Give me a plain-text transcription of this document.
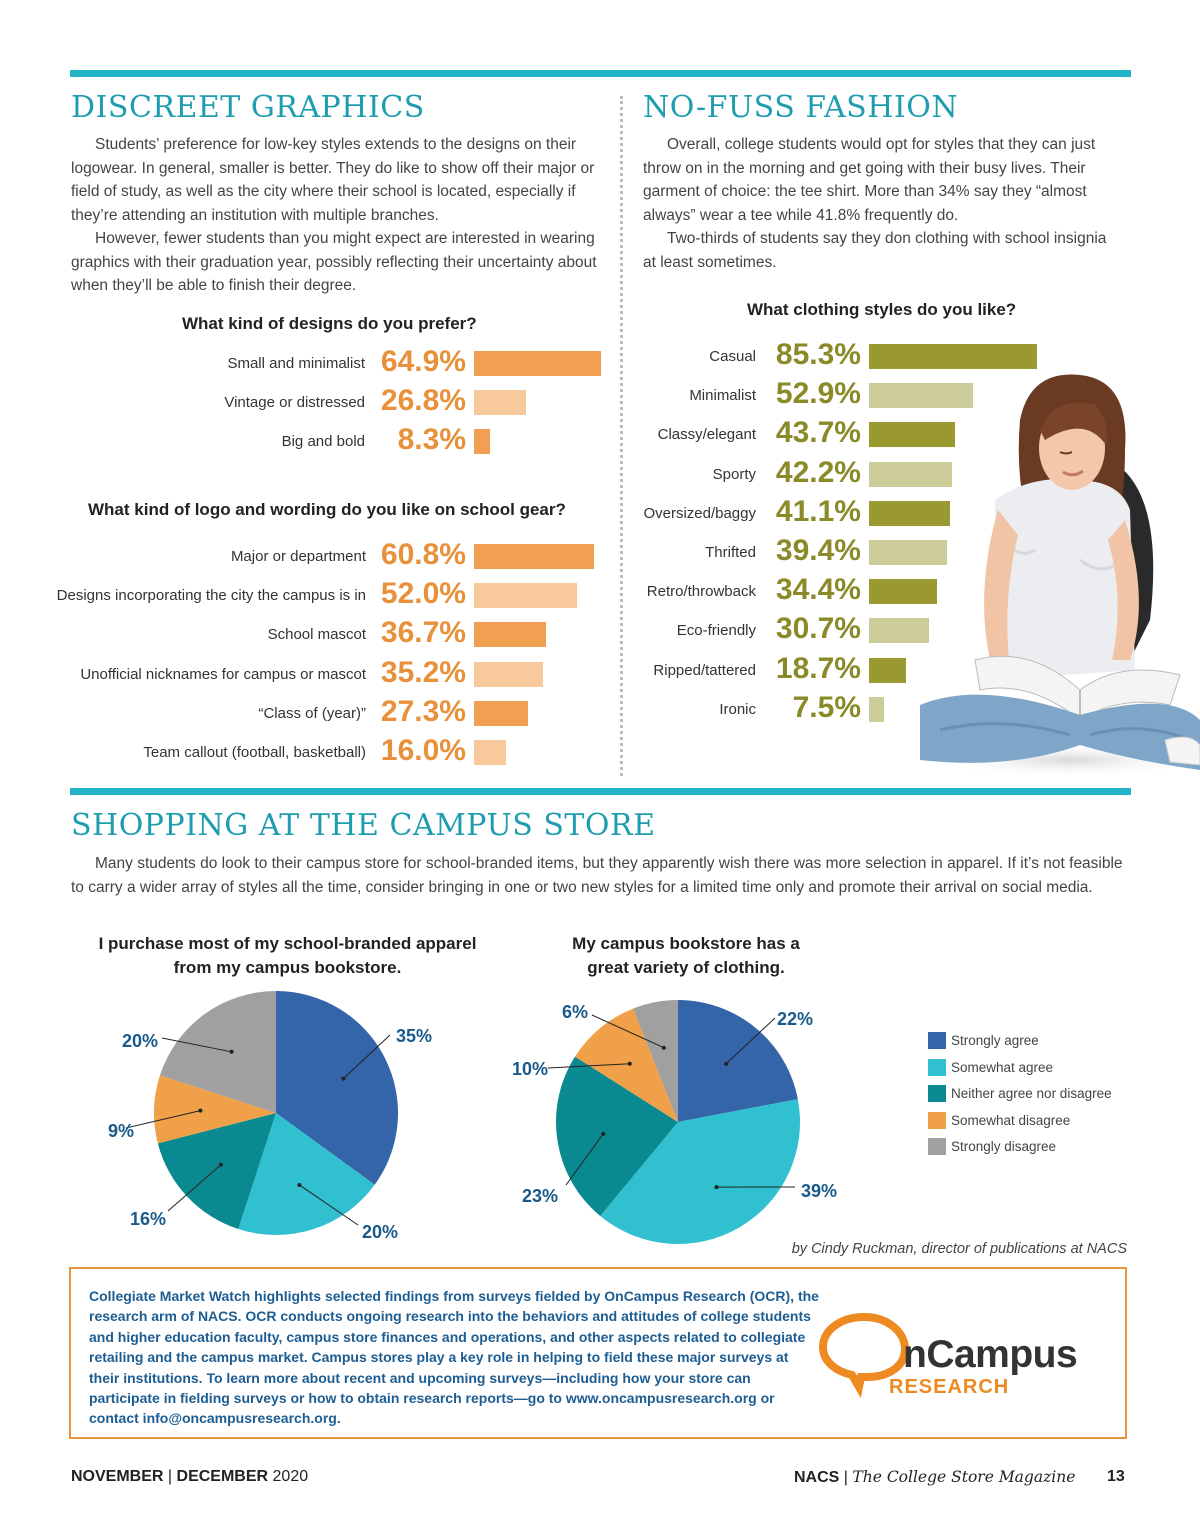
DISCREET GRAPHICS

Students’ preference for low-key styles extends to the designs on their logowear. In general, smaller is better. They do like to show off their major or field of study, as well as the city where their school is located, especially if they’re attending an institution with multiple branches.

However, fewer students than you might expect are interested in wearing graphics with their graduation year, possibly reflecting their uncertainty about when they’ll be able to finish their degree.

What kind of designs do you prefer?
Small and minimalist 64.9%
Vintage or distressed 26.8%
Big and bold 8.3%
What kind of logo and wording do you like on school gear?
Major or department 60.8%
Designs incorporating the city the campus is in 52.0%
School mascot 36.7%
Unofficial nicknames for campus or mascot 35.2%
“Class of (year)” 27.3%
Team callout (football, basketball) 16.0%
NO-FUSS FASHION

Overall, college students would opt for styles that they can just throw on in the morning and get going with their busy lives. Their garment of choice: the tee shirt. More than 34% say they “almost always” wear a tee while 41.8% frequently do.

Two-thirds of students say they don clothing with school insignia at least sometimes.

What clothing styles do you like?
Casual 85.3%
Minimalist 52.9%
Classy/elegant 43.7%
Sporty 42.2%
Oversized/baggy 41.1%
Thrifted 39.4%
Retro/throwback 34.4%
Eco-friendly 30.7%
Ripped/tattered 18.7%
Ironic 7.5%
SHOPPING AT THE CAMPUS STORE

Many students do look to their campus store for school-branded items, but they apparently wish there was more selection in apparel. If it’s not feasible to carry a wider array of styles all the time, consider bringing in one or two new styles for a limited time only and promote their arrival on social media.

I purchase most of my school-branded apparel from my campus bookstore.
My campus bookstore has a great variety of clothing.
35%
20%
16%
9%
20%
22%
39%
23%
10%
6%
Strongly agree
Somewhat agree
Neither agree nor disagree
Somewhat disagree
Strongly disagree
by Cindy Ruckman, director of publications at NACS
Collegiate Market Watch highlights selected findings from surveys fielded by OnCampus Research (OCR), the research arm of NACS. OCR conducts ongoing research into the behaviors and attitudes of college students and higher education faculty, campus store finances and operations, and other aspects related to collegiate retailing and the campus market. Campus stores play a key role in helping to field these major surveys at their institutions. To learn more about recent and upcoming surveys—including how your store can participate in fielding surveys or how to obtain research reports—go to www.oncampusresearch.org or contact info@oncampusresearch.org.
nCampus
RESEARCH
NOVEMBER | DECEMBER 2020	NACS | The College Store Magazine 13
